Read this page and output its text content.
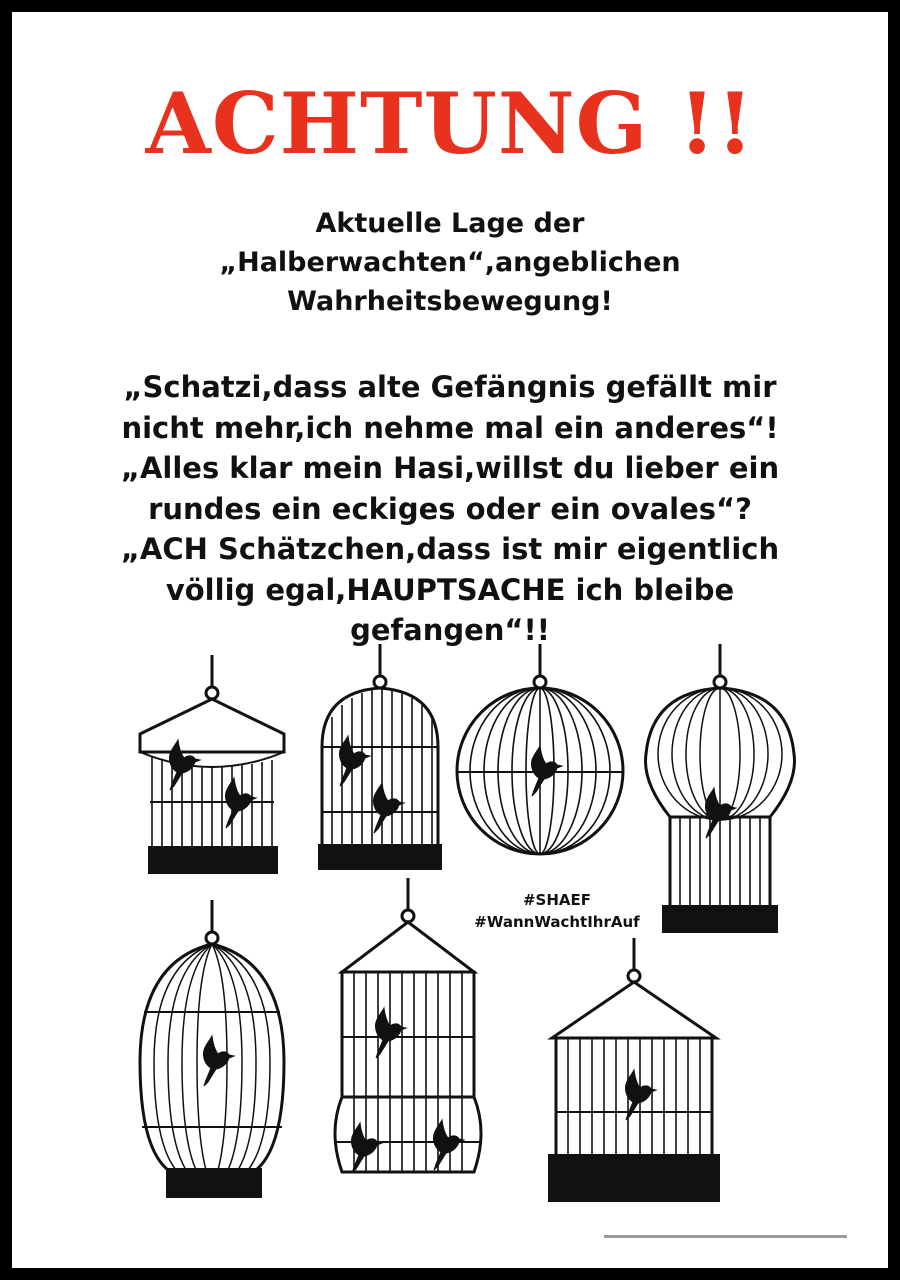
ACHTUNG !!
Aktuelle Lage der
„Halberwachten“,angeblichen
Wahrheitsbewegung!
„Schatzi,dass alte Gefängnis gefällt mir
nicht mehr,ich nehme mal ein anderes“!
„Alles klar mein Hasi,willst du lieber ein
rundes ein eckiges oder ein ovales“?
„ACH Schätzchen,dass ist mir eigentlich
völlig egal,HAUPTSACHE ich bleibe
gefangen“!!
#SHAEF
#WannWachtIhrAuf
